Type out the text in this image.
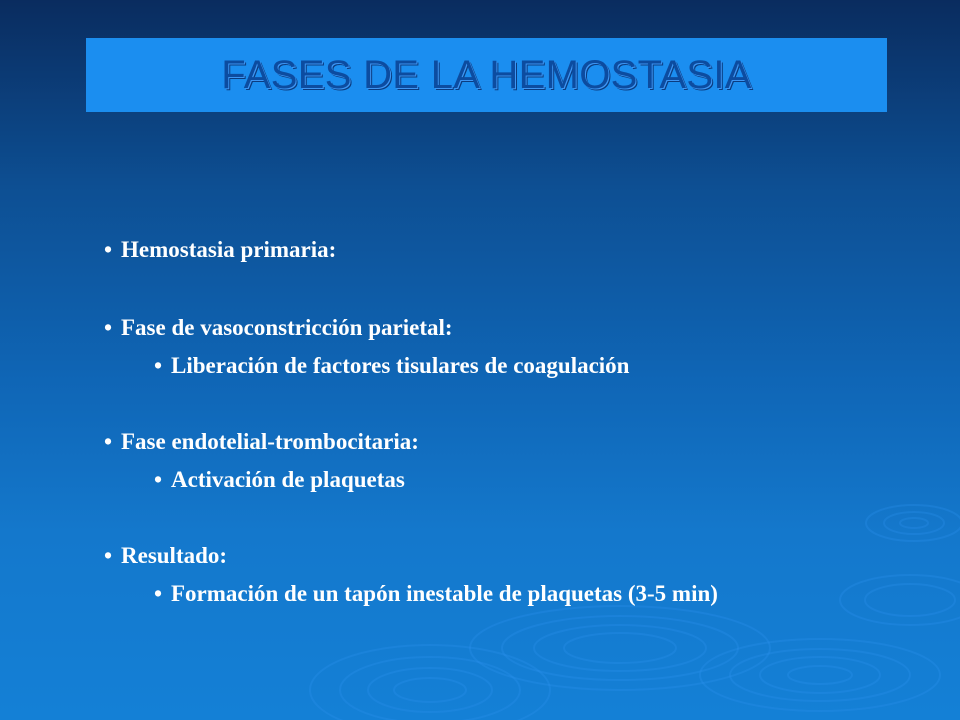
FASES DE LA HEMOSTASIA
• Hemostasia primaria:
• Fase de vasoconstricción parietal:
• Liberación de factores tisulares de coagulación
• Fase endotelial-trombocitaria:
• Activación de plaquetas
• Resultado:
• Formación de un tapón inestable de plaquetas (3-5 min)
